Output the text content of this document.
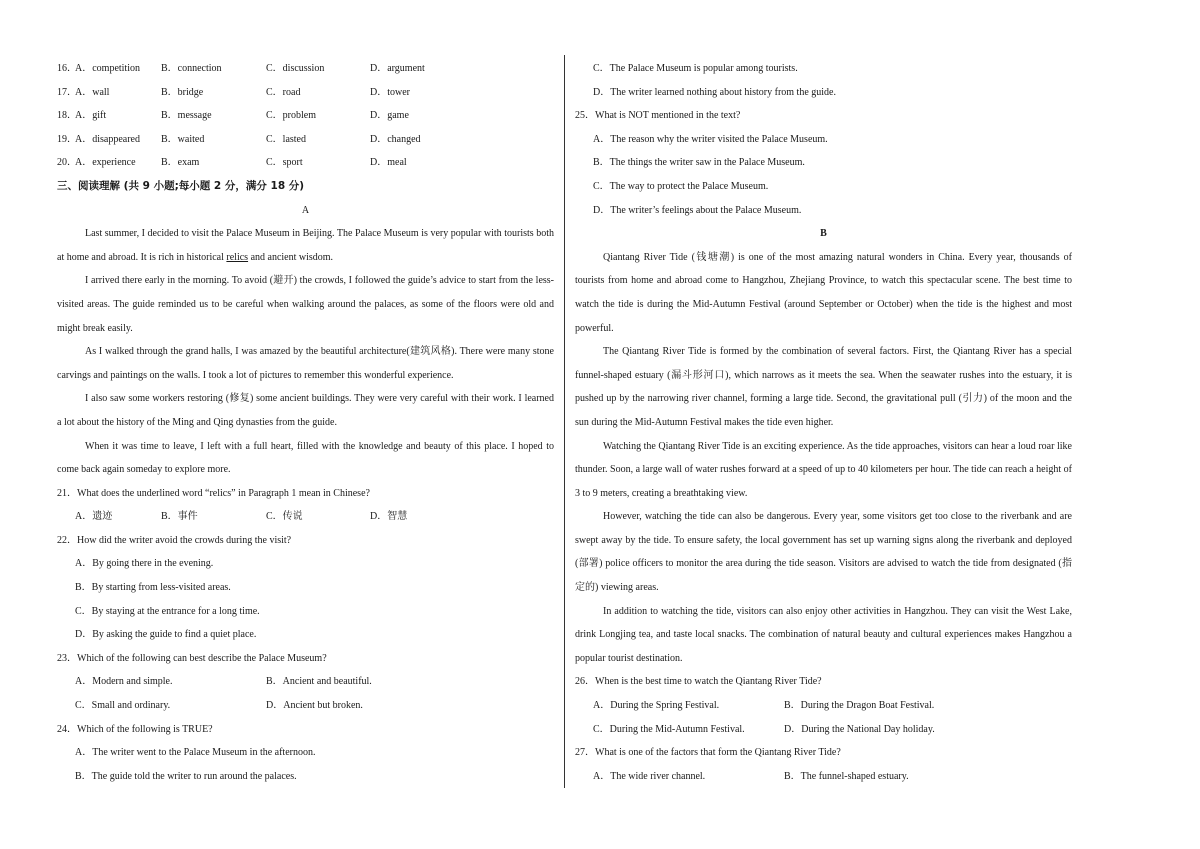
16．
A．competition B．connection	C．discussion	D．argument
17．
A．wall	B．bridge	C．road	D．tower
18．
A．gift	B．message	C．problem	D．game
19．
A．disappeared B．waited	C．lasted	D．changed
20．
A．experience	B．exam	C．sport	D．meal
三、阅读理解 (共 9 小题;每小题 2 分，满分 18 分)
A
Last summer, I decided to visit the Palace Museum in Beijing. The Palace Museum is very popular with tourists both at home and abroad. It is rich in historical relics and ancient wisdom.
I arrived there early in the morning. To avoid (避开) the crowds, I followed the guide’s advice to start from the less-visited areas. The guide reminded us to be careful when walking around the palaces, as some of the floors were old and might break easily.
As I walked through the grand halls, I was amazed by the beautiful architecture(建筑风格). There were many stone carvings and paintings on the walls. I took a lot of pictures to remember this wonderful experience.
I also saw some workers restoring (修复) some ancient buildings. They were very careful with their work. I learned a lot about the history of the Ming and Qing dynasties from the guide.
When it was time to leave, I left with a full heart, filled with the knowledge and beauty of this place. I hoped to come back again someday to explore more.
21．What does the underlined word “relics” in Paragraph 1 mean in Chinese?
A．遗迹	B．事件	C．传说	D．智慧
22．How did the writer avoid the crowds during the visit?
A．By going there in the evening.
B．By starting from less-visited areas.
C．By staying at the entrance for a long time.
D．By asking the guide to find a quiet place.
23．Which of the following can best describe the Palace Museum?
A．Modern and simple.	B．Ancient and beautiful.
C．Small and ordinary.	D．Ancient but broken.
24．Which of the following is TRUE?
A．The writer went to the Palace Museum in the afternoon.
B．The guide told the writer to run around the palaces.
C．The Palace Museum is popular among tourists.
D．The writer learned nothing about history from the guide.
25．What is NOT mentioned in the text?
A．The reason why the writer visited the Palace Museum.
B．The things the writer saw in the Palace Museum.
C．The way to protect the Palace Museum.
D．The writer’s feelings about the Palace Museum.
B
Qiantang River Tide (钱塘潮) is one of the most amazing natural wonders in China. Every year, thousands of tourists from home and abroad come to Hangzhou, Zhejiang Province, to watch this spectacular scene. The best time to watch the tide is during the Mid-Autumn Festival (around September or October) when the tide is the highest and most powerful.
The Qiantang River Tide is formed by the combination of several factors. First, the Qiantang River has a special funnel-shaped estuary (漏斗形河口), which narrows as it meets the sea. When the seawater rushes into the estuary, it is pushed up by the narrowing river channel, forming a large tide. Second, the gravitational pull (引力) of the moon and the sun during the Mid-Autumn Festival makes the tide even higher.
Watching the Qiantang River Tide is an exciting experience. As the tide approaches, visitors can hear a loud roar like thunder. Soon, a large wall of water rushes forward at a speed of up to 40 kilometers per hour. The tide can reach a height of 3 to 9 meters, creating a breathtaking view.
However, watching the tide can also be dangerous. Every year, some visitors get too close to the riverbank and are swept away by the tide. To ensure safety, the local government has set up warning signs along the riverbank and deployed (部署) police officers to monitor the area during the tide season. Visitors are advised to watch the tide from designated (指定的) viewing areas.
In addition to watching the tide, visitors can also enjoy other activities in Hangzhou. They can visit the West Lake, drink Longjing tea, and taste local snacks. The combination of natural beauty and cultural experiences makes Hangzhou a popular tourist destination.
26．When is the best time to watch the Qiantang River Tide?
A．During the Spring Festival.	B．During the Dragon Boat Festival.
C．During the Mid-Autumn Festival.	D．During the National Day holiday.
27．What is one of the factors that form the Qiantang River Tide?
A．The wide river channel.	B．The funnel-shaped estuary.
